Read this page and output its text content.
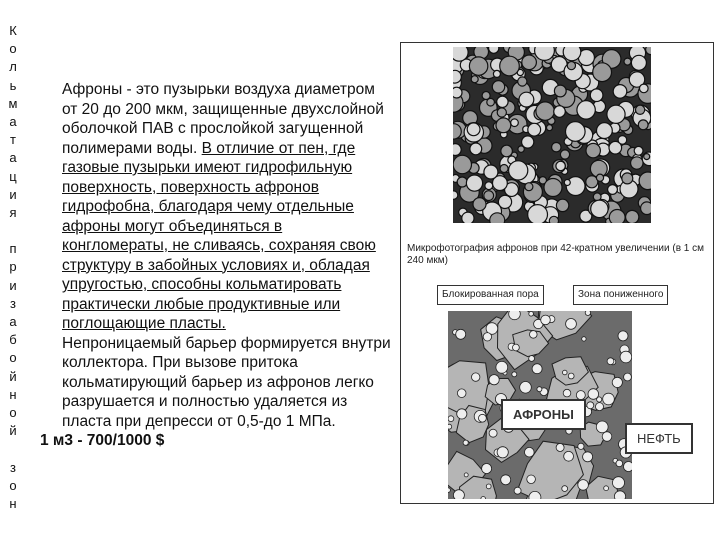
К
о
л
ь
м
а
т
а
ц
и
я
п
р
и
з
а
б
о
й
н
о
й
з
о
н

Афроны - это пузырьки воздуха диаметром от 20 до 200 мкм, защищенные двухслойной оболочкой ПАВ с прослойкой загущенной полимерами воды. В отличие от пен, где газовые пузырьки имеют гидрофильную поверхность, поверхность афронов гидрофобна, благодаря чему отдельные афроны могут объединяться в конгломераты, не сливаясь, сохраняя свою структуру в забойных условиях и, обладая упругостью, способны кольматировать практически любые продуктивные или поглощающие пласты.

Непроницаемый барьер формируется внутри коллектора. При вызове притока кольматирующий барьер из афронов легко разрушается и полностью удаляется из пласта при депресси от 0,5-до 1 МПа.

1 м3 - 700/1000 $

Микрофотография афронов при 42-кратном увеличении (в 1 см 240 мкм)
Блокированная пора	Зона пониженного
АФРОНЫ
НЕФТЬ
